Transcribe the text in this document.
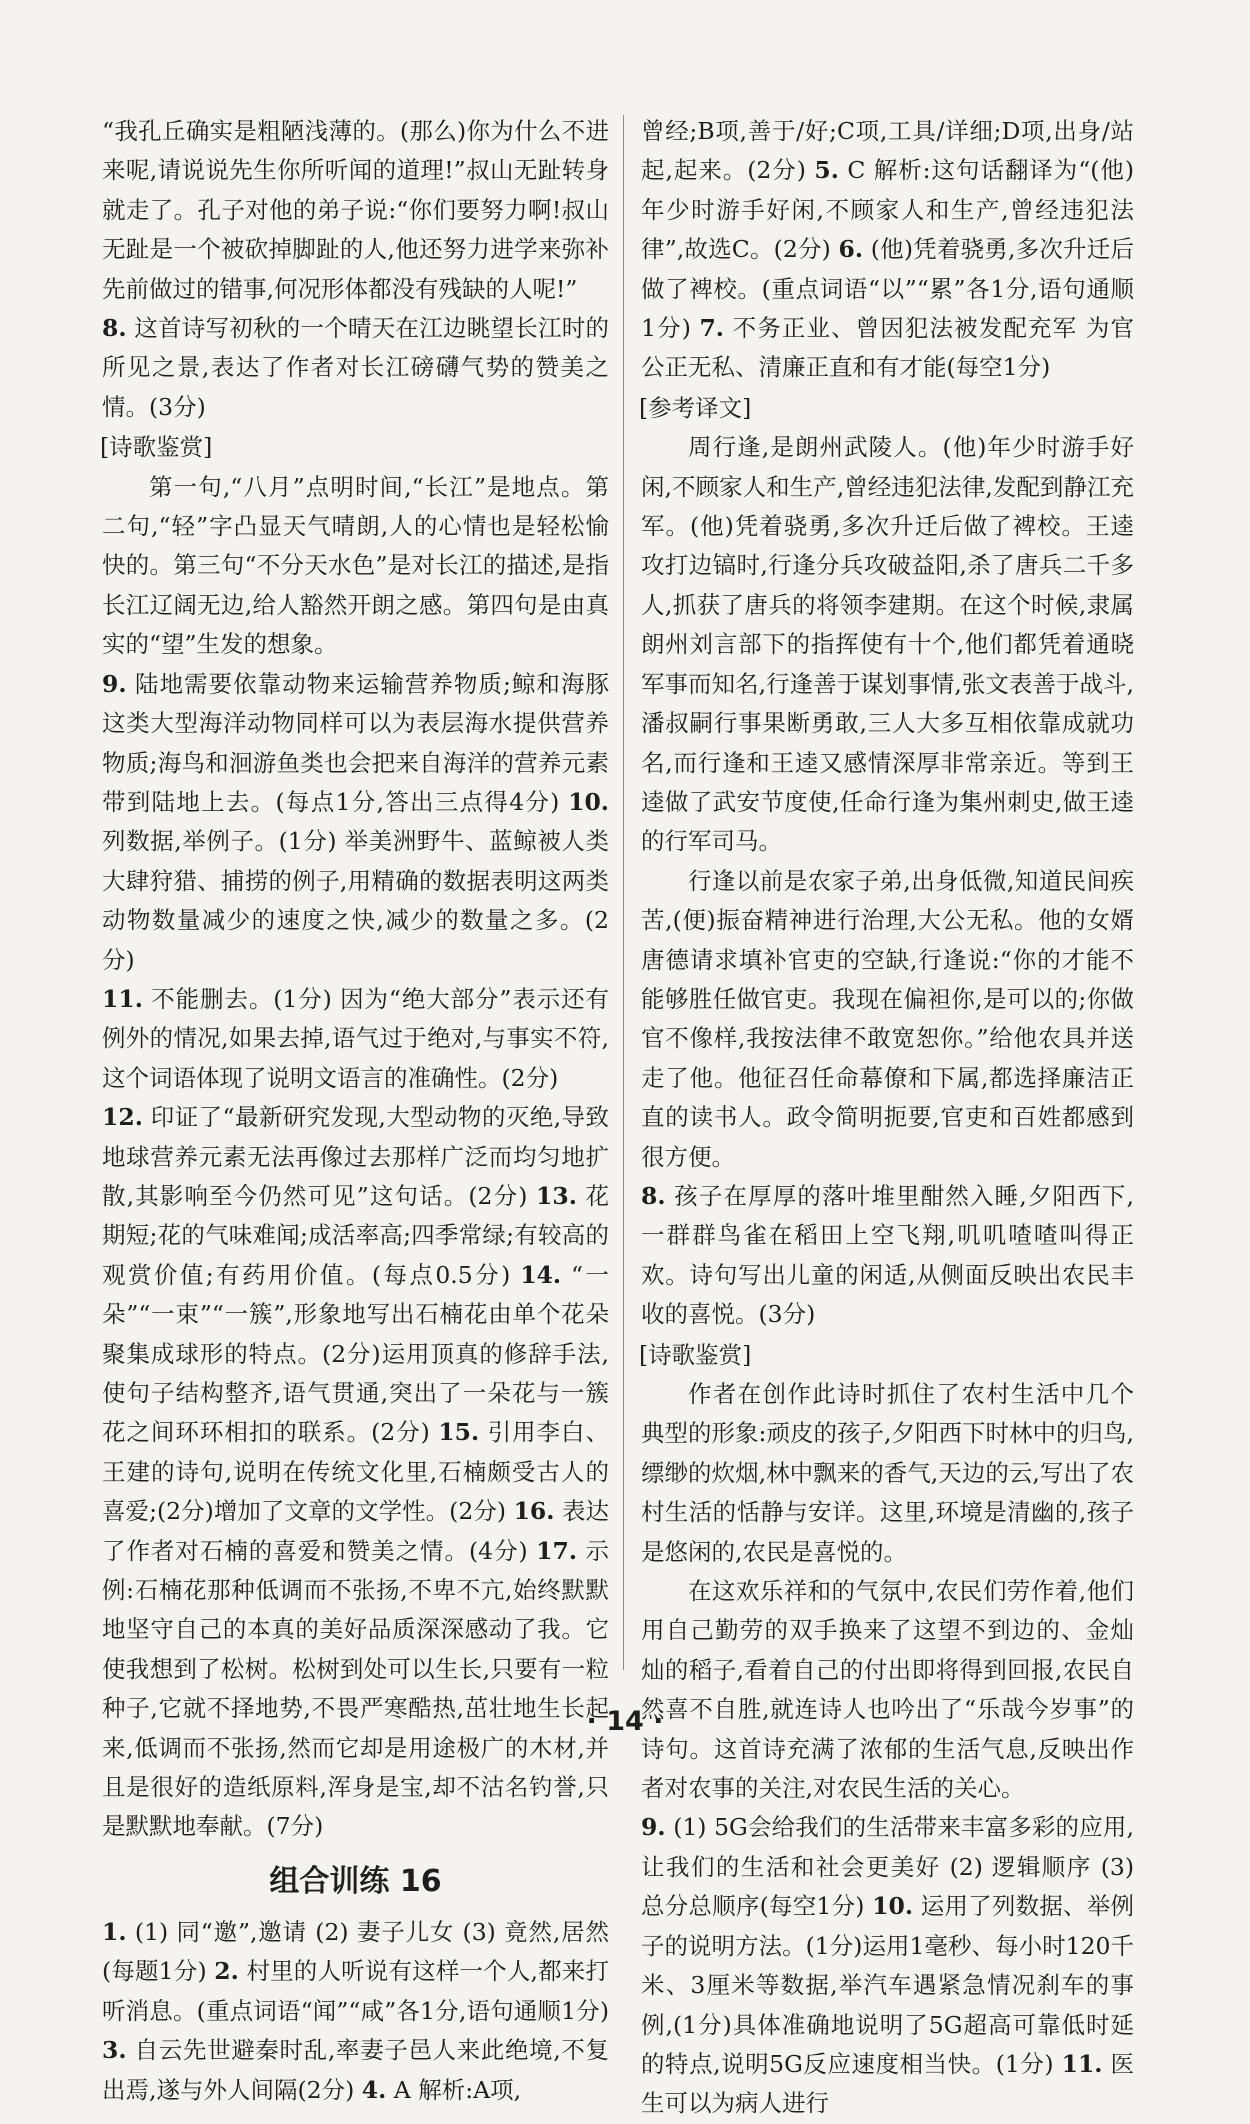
“我孔丘确实是粗陋浅薄的。(那么)你为什么不进来呢,请说说先生你所听闻的道理!”叔山无趾转身就走了。孔子对他的弟子说:“你们要努力啊!叔山无趾是一个被砍掉脚趾的人,他还努力进学来弥补先前做过的错事,何况形体都没有残缺的人呢!”

8. 这首诗写初秋的一个晴天在江边眺望长江时的所见之景,表达了作者对长江磅礴气势的赞美之情。(3分)

[诗歌鉴赏]

第一句,“八月”点明时间,“长江”是地点。第二句,“轻”字凸显天气晴朗,人的心情也是轻松愉快的。第三句“不分天水色”是对长江的描述,是指长江辽阔无边,给人豁然开朗之感。第四句是由真实的“望”生发的想象。

9. 陆地需要依靠动物来运输营养物质;鲸和海豚这类大型海洋动物同样可以为表层海水提供营养物质;海鸟和洄游鱼类也会把来自海洋的营养元素带到陆地上去。(每点1分,答出三点得4分) 10. 列数据,举例子。(1分) 举美洲野牛、蓝鲸被人类大肆狩猎、捕捞的例子,用精确的数据表明这两类动物数量减少的速度之快,减少的数量之多。(2分)

11. 不能删去。(1分) 因为“绝大部分”表示还有例外的情况,如果去掉,语气过于绝对,与事实不符,这个词语体现了说明文语言的准确性。(2分)

12. 印证了“最新研究发现,大型动物的灭绝,导致地球营养元素无法再像过去那样广泛而均匀地扩散,其影响至今仍然可见”这句话。(2分) 13. 花期短;花的气味难闻;成活率高;四季常绿;有较高的观赏价值;有药用价值。(每点0.5分) 14. “一朵”“一束”“一簇”,形象地写出石楠花由单个花朵聚集成球形的特点。(2分)运用顶真的修辞手法,使句子结构整齐,语气贯通,突出了一朵花与一簇花之间环环相扣的联系。(2分) 15. 引用李白、王建的诗句,说明在传统文化里,石楠颇受古人的喜爱;(2分)增加了文章的文学性。(2分) 16. 表达了作者对石楠的喜爱和赞美之情。(4分) 17. 示例:石楠花那种低调而不张扬,不卑不亢,始终默默地坚守自己的本真的美好品质深深感动了我。它使我想到了松树。松树到处可以生长,只要有一粒种子,它就不择地势,不畏严寒酷热,茁壮地生长起来,低调而不张扬,然而它却是用途极广的木材,并且是很好的造纸原料,浑身是宝,却不沽名钓誉,只是默默地奉献。(7分)

组合训练 16

1. (1) 同“邀”,邀请 (2) 妻子儿女 (3) 竟然,居然(每题1分) 2. 村里的人听说有这样一个人,都来打听消息。(重点词语“闻”“咸”各1分,语句通顺1分) 3. 自云先世避秦时乱,率妻子邑人来此绝境,不复出焉,遂与外人间隔(2分) 4. A 解析:A项,

曾经;B项,善于/好;C项,工具/详细;D项,出身/站起,起来。(2分) 5. C 解析:这句话翻译为“(他)年少时游手好闲,不顾家人和生产,曾经违犯法律”,故选C。(2分) 6. (他)凭着骁勇,多次升迁后做了裨校。(重点词语“以”“累”各1分,语句通顺1分) 7. 不务正业、曾因犯法被发配充军 为官公正无私、清廉正直和有才能(每空1分)

[参考译文]

周行逢,是朗州武陵人。(他)年少时游手好闲,不顾家人和生产,曾经违犯法律,发配到静江充军。(他)凭着骁勇,多次升迁后做了裨校。王逵攻打边镐时,行逢分兵攻破益阳,杀了唐兵二千多人,抓获了唐兵的将领李建期。在这个时候,隶属朗州刘言部下的指挥使有十个,他们都凭着通晓军事而知名,行逢善于谋划事情,张文表善于战斗,潘叔嗣行事果断勇敢,三人大多互相依靠成就功名,而行逢和王逵又感情深厚非常亲近。等到王逵做了武安节度使,任命行逢为集州刺史,做王逵的行军司马。

行逢以前是农家子弟,出身低微,知道民间疾苦,(便)振奋精神进行治理,大公无私。他的女婿唐德请求填补官吏的空缺,行逢说:“你的才能不能够胜任做官吏。我现在偏袒你,是可以的;你做官不像样,我按法律不敢宽恕你。”给他农具并送走了他。他征召任命幕僚和下属,都选择廉洁正直的读书人。政令简明扼要,官吏和百姓都感到很方便。

8. 孩子在厚厚的落叶堆里酣然入睡,夕阳西下,一群群鸟雀在稻田上空飞翔,叽叽喳喳叫得正欢。诗句写出儿童的闲适,从侧面反映出农民丰收的喜悦。(3分)

[诗歌鉴赏]

作者在创作此诗时抓住了农村生活中几个典型的形象:顽皮的孩子,夕阳西下时林中的归鸟,缥缈的炊烟,林中飘来的香气,天边的云,写出了农村生活的恬静与安详。这里,环境是清幽的,孩子是悠闲的,农民是喜悦的。

在这欢乐祥和的气氛中,农民们劳作着,他们用自己勤劳的双手换来了这望不到边的、金灿灿的稻子,看着自己的付出即将得到回报,农民自然喜不自胜,就连诗人也吟出了“乐哉今岁事”的诗句。这首诗充满了浓郁的生活气息,反映出作者对农事的关注,对农民生活的关心。

9. (1) 5G会给我们的生活带来丰富多彩的应用,让我们的生活和社会更美好 (2) 逻辑顺序 (3) 总分总顺序(每空1分) 10. 运用了列数据、举例子的说明方法。(1分)运用1毫秒、每小时120千米、3厘米等数据,举汽车遇紧急情况刹车的事例,(1分)具体准确地说明了5G超高可靠低时延的特点,说明5G反应速度相当快。(1分) 11. 医生可以为病人进行

· 14 ·
